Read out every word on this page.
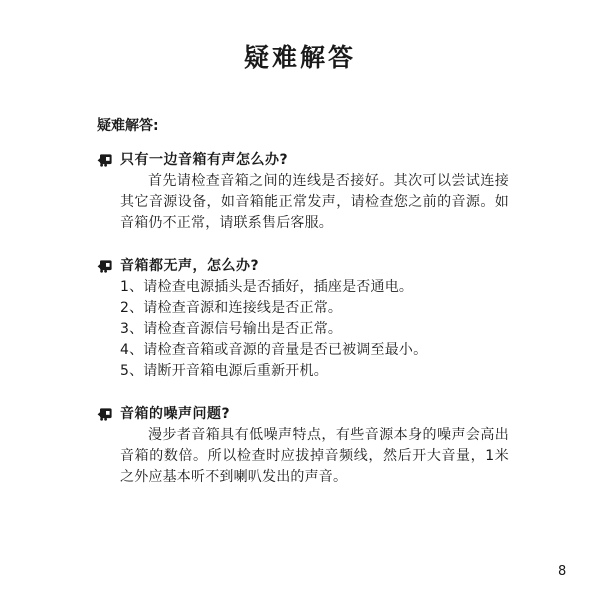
疑难解答
疑难解答:
只有一边音箱有声怎么办?

首先请检查音箱之间的连线是否接好。其次可以尝试连接其它音源设备，如音箱能正常发声，请检查您之前的音源。如音箱仍不正常，请联系售后客服。

音箱都无声，怎么办?
1、请检查电源插头是否插好，插座是否通电。
2、请检查音源和连接线是否正常。
3、请检查音源信号输出是否正常。
4、请检查音箱或音源的音量是否已被调至最小。
5、请断开音箱电源后重新开机。
音箱的噪声问题?

漫步者音箱具有低噪声特点，有些音源本身的噪声会高出音箱的数倍。所以检查时应拔掉音频线，然后开大音量，1米之外应基本听不到喇叭发出的声音。

8
